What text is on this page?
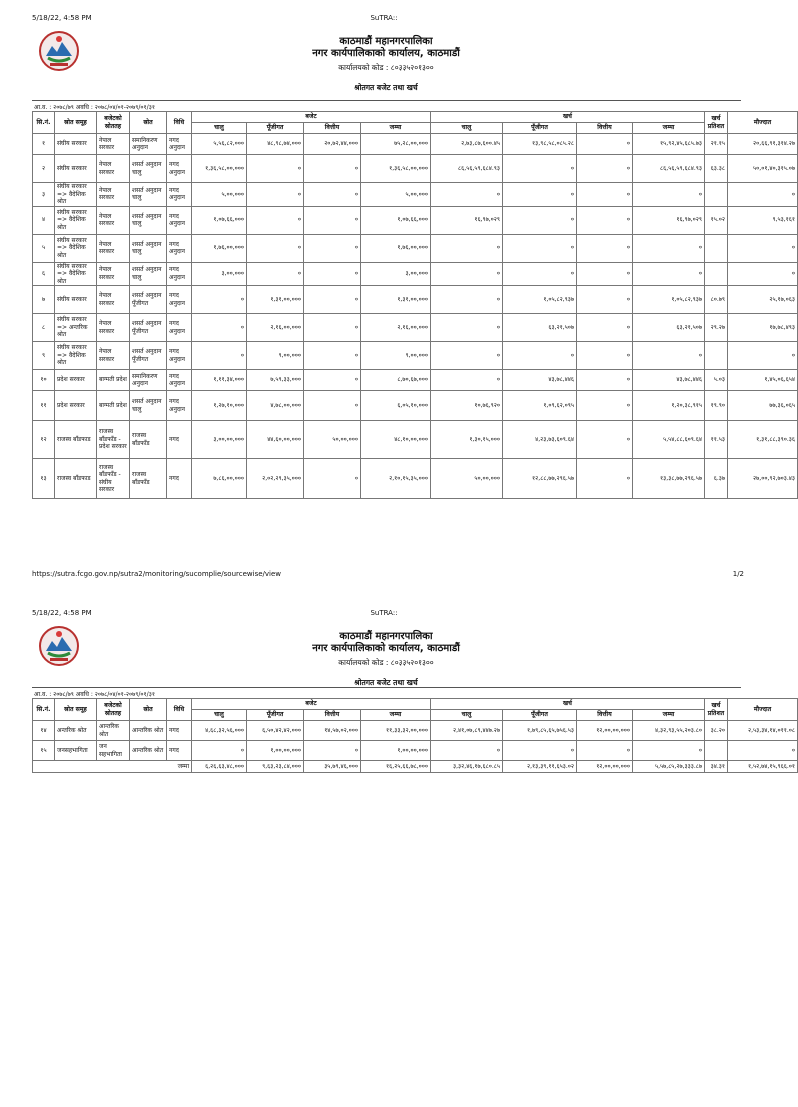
5/18/22, 4:58 PM	SuTRA::
काठमाडौं महानगरपालिका
नगर कार्यपालिकाको कार्यालय, काठमाडौं
कार्यालयको कोड : ८०३३५२०१३००
श्रोतगत बजेट तथा खर्च
आ.व. : २०७८/७९ अवधि : २०७८/०४/०१-२०७९/०१/३१
सि.नं.	स्रोत समूह	बजेटको स्रोततह	स्रोत	विधि	बजेट				खर्च				खर्च प्रतिशत	मौज्दात
					चालु	पूँजीगत	वित्तीय	जम्मा	चालु	पूँजीगत	वित्तीय	जम्मा		
१	संघीय सरकार	नेपाल सरकार	समानिकरण अनुदान	नगद अनुदान	५,५६,८२,०००	४८,९८,७४,०००	२०,७२,४४,०००	७५,२८,००,०००	२,७३,८७,६००.४५	१३,९८,५८,०८५.२८	०	१५,९२,४५,६८५.७३	२१.१५	२०,६६,९१,३१४.२७
२	संघीय सरकार	नेपाल सरकार	शसर्त अनुदान चालु	नगद अनुदान	१,३६,५८,००,०००	०	०	१,३६,५८,००,०००	८६,५६,५९,६८४.९३	०	०	८६,५६,५९,६८४.९३	६३.३८	५०,०१,४०,३१५.०७
३	संघीय सरकार => वैदेशिक श्रोत	नेपाल सरकार	शसर्त अनुदान चालु	नगद अनुदान	५,००,०००	०	०	५,००,०००	०	०	०	०		०
४	संघीय सरकार => वैदेशिक श्रोत	नेपाल सरकार	शसर्त अनुदान चालु	नगद अनुदान	१,०७,६६,०००	०	०	१,०७,६६,०००	१६,९७,०२९	०	०	१६,९७,०२९	१५.०२	९,५३,१६१
५	संघीय सरकार => वैदेशिक श्रोत	नेपाल सरकार	शसर्त अनुदान चालु	नगद अनुदान	१,७६,००,०००	०	०	१,७६,००,०००	०	०	०	०		०
६	संघीय सरकार => वैदेशिक श्रोत	नेपाल सरकार	शसर्त अनुदान चालु	नगद अनुदान	३,००,०००	०	०	३,००,०००	०	०	०	०		०
७	संघीय सरकार	नेपाल सरकार	शसर्त अनुदान पूँजीगत	नगद अनुदान	०	१,३१,००,०००	०	१,३१,००,०००	०	१,०५,८२,९३७	०	१,०५,८२,९३७	८०.७९	२५,१७,०६३
८	संघीय सरकार => अन्तरिक श्रोत	नेपाल सरकार	शसर्त अनुदान पूँजीगत	नगद अनुदान	०	२,१६,००,०००	०	२,१६,००,०००	०	६३,२१,५०७	०	६३,२१,५०७	२९.२७	१७,७८,४९३
९	संघीय सरकार => वैदेशिक श्रोत	नेपाल सरकार	शसर्त अनुदान पूँजीगत	नगद अनुदान	०	९,००,०००	०	९,००,०००	०	०	०	०		०
१०	प्रदेश सरकार	बाग्मती प्रदेश	समानिकरण अनुदान	नगद अनुदान	१,११,३४,०००	७,५९,३३,०००	०	८,७०,६७,०००	०	४३,७८,४४६	०	४३,७८,४४६	५.०३	१,४५,०६,६५४
११	प्रदेश सरकार	बाग्मती प्रदेश	शसर्त अनुदान चालु	नगद अनुदान	१,२७,१०,०००	४,७८,००,०००	०	६,०५,१०,०००	१०,७६,९२०	१,०९,६२,०९५	०	१,२०,३८,९१५	१९.९०	७७,३६,०६५
१२	राजस्व बाँडफाड	राजस्व बाँडफाँड - प्रदेश सरकार	राजस्व बाँडफाँड	नगद	३,००,००,०००	४४,६०,००,०००	५०,००,०००	४८,१०,००,०००	१,३०,१५,०००	४,२३,७३,६०९.६४	०	५,५४,८८,६०९.६४	११.५३	१,३१,८८,३९०.३६
१३	राजस्व बाँडफाड	राजस्व बाँडफाँड - संघीय सरकार	राजस्व बाँडफाँड	नगद	७,८६,००,०००	२,०२,२९,३५,०००	०	२,१०,१५,३५,०००	५०,००,०००	१२,८८,७७,२९६.५७	०	१३,३८,७७,२९६.५७	६.३७	२७,००,९२,७०३.४३
https://sutra.fcgo.gov.np/sutra2/monitoring/sucomplie/sourcewise/view	1/2
5/18/22, 4:58 PM	SuTRA::
काठमाडौं महानगरपालिका
नगर कार्यपालिकाको कार्यालय, काठमाडौं
कार्यालयको कोड : ८०३३५२०१३००
श्रोतगत बजेट तथा खर्च
आ.व. : २०७८/७९ अवधि : २०७८/०४/०१-२०७९/०१/३१
सि.नं.	स्रोत समूह	बजेटको स्रोततह	स्रोत	विधि	बजेट				खर्च				खर्च प्रतिशत	मौज्दात
					चालु	पूँजीगत	वित्तीय	जम्मा	चालु	पूँजीगत	वित्तीय	जम्मा		
१४	अन्तरिक श्रोत	आन्तरिक श्रोत	आन्तरिक श्रोत	नगद	४,६८,३२,५६,०००	६,५०,४२,४२,०००	१४,५७,०२,०००	११,३३,३२,००,०००	२,४१,०७,८९,४४७.२७	१,७९,८५,६५,७५६.५३	१२,००,००,०००	४,३२,९३,५५,२०३.८०	३८.२०	२,५३,३४,१४,०११.०८
१५	जनसहभागिता	जन सहभागिता	आन्तरिक श्रोत	नगद	०	१,००,००,०००	०	१,००,००,०००	०	०	०	०		०
जम्मा					६,२६,६३,४८,०००	९,६३,२३,८४,०००	३५,७९,४६,०००	१६,२५,६६,७८,०००	३,३२,४६,१७,६८०.८५	२,१३,३९,११,६५३.०२	१२,००,००,०००	५,५७,८५,२७,३३३.८७	३४.३१	१,५२,७४,१५,९६६.०१
